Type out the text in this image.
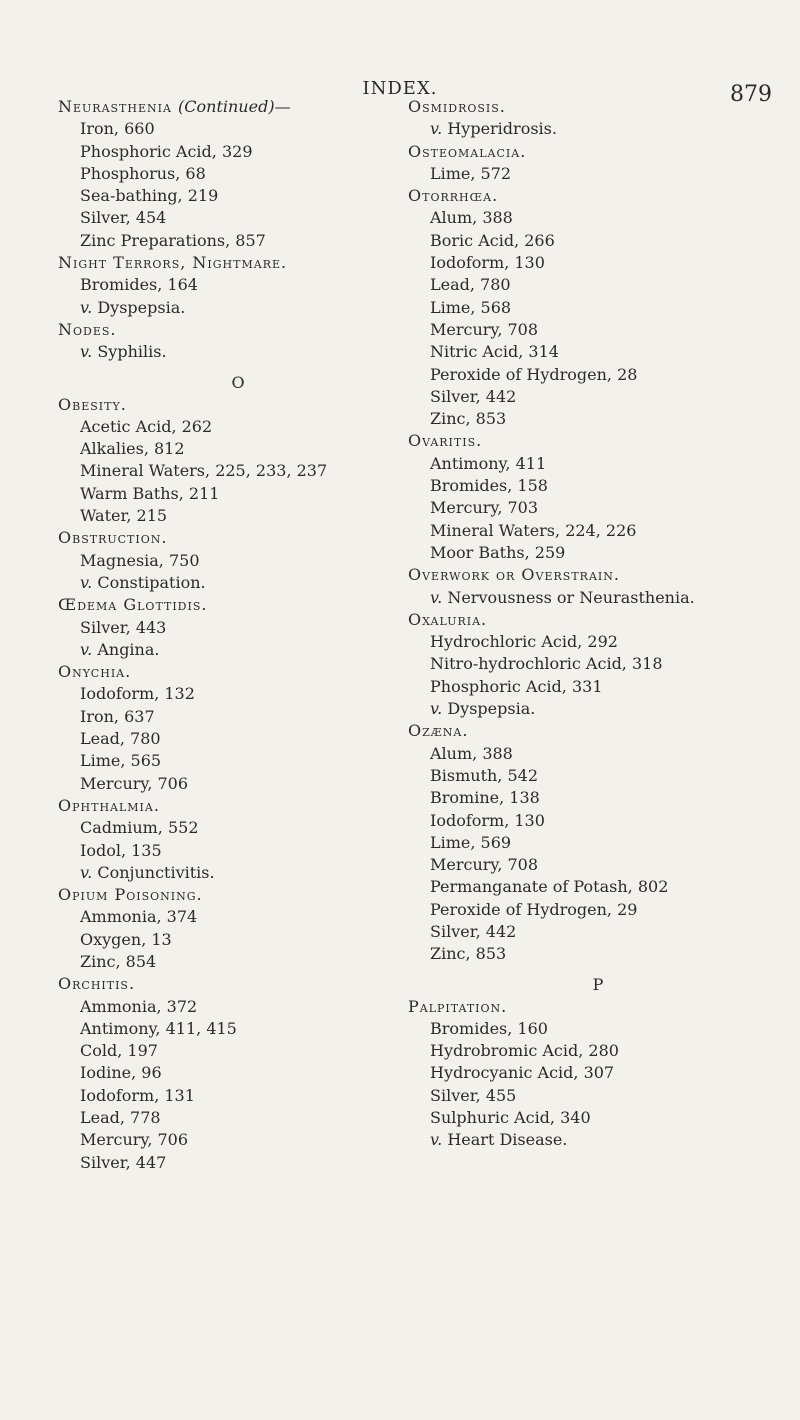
INDEX.	879
Neurasthenia (Continued)—
Iron, 660
Phosphoric Acid, 329
Phosphorus, 68
Sea-bathing, 219
Silver, 454
Zinc Preparations, 857
Night Terrors, Nightmare.
Bromides, 164
v. Dyspepsia.
Nodes.
v. Syphilis.
O
Obesity.
Acetic Acid, 262
Alkalies, 812
Mineral Waters, 225, 233, 237
Warm Baths, 211
Water, 215
Obstruction.
Magnesia, 750
v. Constipation.
Œdema Glottidis.
Silver, 443
v. Angina.
Onychia.
Iodoform, 132
Iron, 637
Lead, 780
Lime, 565
Mercury, 706
Ophthalmia.
Cadmium, 552
Iodol, 135
v. Conjunctivitis.
Opium Poisoning.
Ammonia, 374
Oxygen, 13
Zinc, 854
Orchitis.
Ammonia, 372
Antimony, 411, 415
Cold, 197
Iodine, 96
Iodoform, 131
Lead, 778
Mercury, 706
Silver, 447
Osmidrosis.
v. Hyperidrosis.
Osteomalacia.
Lime, 572
Otorrhœa.
Alum, 388
Boric Acid, 266
Iodoform, 130
Lead, 780
Lime, 568
Mercury, 708
Nitric Acid, 314
Peroxide of Hydrogen, 28
Silver, 442
Zinc, 853
Ovaritis.
Antimony, 411
Bromides, 158
Mercury, 703
Mineral Waters, 224, 226
Moor Baths, 259
Overwork or Overstrain.
v. Nervousness or Neurasthenia.
Oxaluria.
Hydrochloric Acid, 292
Nitro-hydrochloric Acid, 318
Phosphoric Acid, 331
v. Dyspepsia.
Ozæna.
Alum, 388
Bismuth, 542
Bromine, 138
Iodoform, 130
Lime, 569
Mercury, 708
Permanganate of Potash, 802
Peroxide of Hydrogen, 29
Silver, 442
Zinc, 853
P
Palpitation.
Bromides, 160
Hydrobromic Acid, 280
Hydrocyanic Acid, 307
Silver, 455
Sulphuric Acid, 340
v. Heart Disease.
